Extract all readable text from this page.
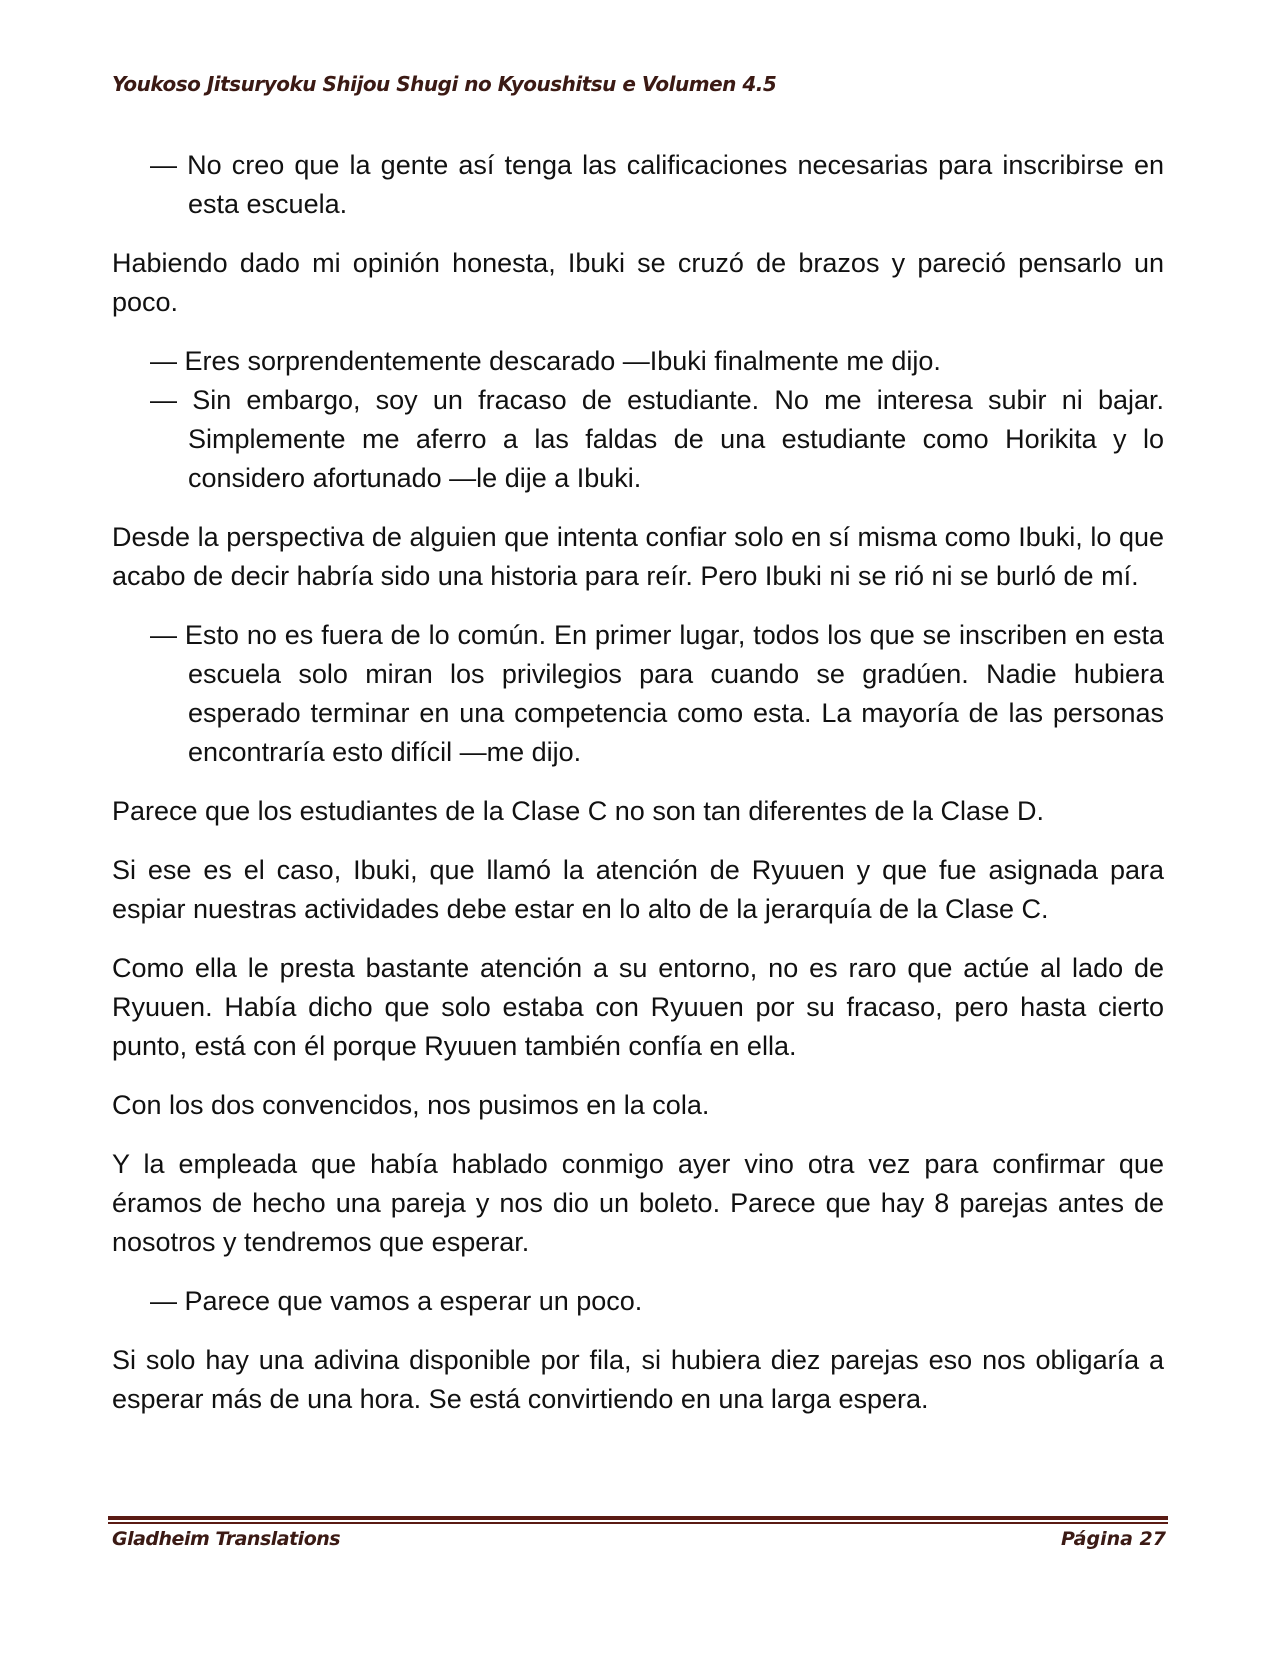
Youkoso Jitsuryoku Shijou Shugi no Kyoushitsu e Volumen 4.5

— No creo que la gente así tenga las calificaciones necesarias para inscribirse en esta escuela.

Habiendo dado mi opinión honesta, Ibuki se cruzó de brazos y pareció pensarlo un poco.

— Eres sorprendentemente descarado —Ibuki finalmente me dijo.

— Sin embargo, soy un fracaso de estudiante. No me interesa subir ni bajar. Simplemente me aferro a las faldas de una estudiante como Horikita y lo considero afortunado —le dije a Ibuki.

Desde la perspectiva de alguien que intenta confiar solo en sí misma como Ibuki, lo que acabo de decir habría sido una historia para reír. Pero Ibuki ni se rió ni se burló de mí.

— Esto no es fuera de lo común. En primer lugar, todos los que se inscriben en esta escuela solo miran los privilegios para cuando se gradúen. Nadie hubiera esperado terminar en una competencia como esta. La mayoría de las personas encontraría esto difícil —me dijo.

Parece que los estudiantes de la Clase C no son tan diferentes de la Clase D.

Si ese es el caso, Ibuki, que llamó la atención de Ryuuen y que fue asignada para espiar nuestras actividades debe estar en lo alto de la jerarquía de la Clase C.

Como ella le presta bastante atención a su entorno, no es raro que actúe al lado de Ryuuen. Había dicho que solo estaba con Ryuuen por su fracaso, pero hasta cierto punto, está con él porque Ryuuen también confía en ella.

Con los dos convencidos, nos pusimos en la cola.

Y la empleada que había hablado conmigo ayer vino otra vez para confirmar que éramos de hecho una pareja y nos dio un boleto. Parece que hay 8 parejas antes de nosotros y tendremos que esperar.

— Parece que vamos a esperar un poco.

Si solo hay una adivina disponible por fila, si hubiera diez parejas eso nos obligaría a esperar más de una hora. Se está convirtiendo en una larga espera.

Gladheim Translations	Página 27
